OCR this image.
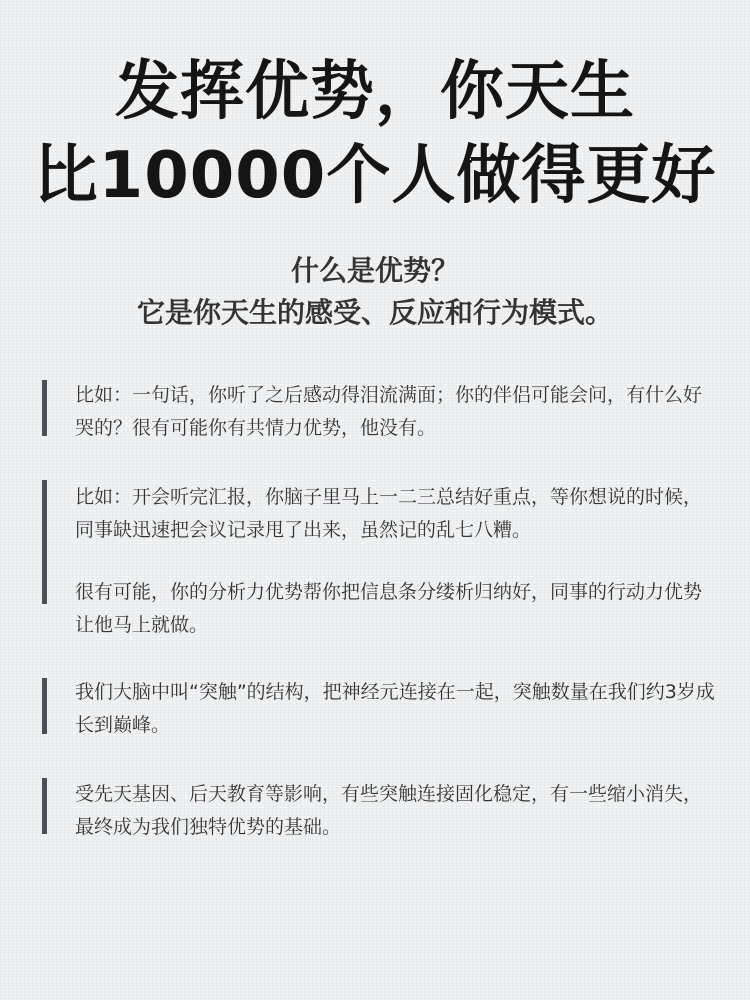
发挥优势，你天生
比10000个人做得更好
什么是优势？
它是你天生的感受、反应和行为模式。

比如：一句话，你听了之后感动得泪流满面；你的伴侣可能会问，有什么好哭的？很有可能你有共情力优势，他没有。

比如：开会听完汇报，你脑子里马上一二三总结好重点，等你想说的时候，同事缺迅速把会议记录甩了出来，虽然记的乱七八糟。

很有可能，你的分析力优势帮你把信息条分缕析归纳好，同事的行动力优势让他马上就做。

我们大脑中叫“突触”的结构，把神经元连接在一起，突触数量在我们约3岁成长到巅峰。

受先天基因、后天教育等影响，有些突触连接固化稳定，有一些缩小消失，最终成为我们独特优势的基础。
